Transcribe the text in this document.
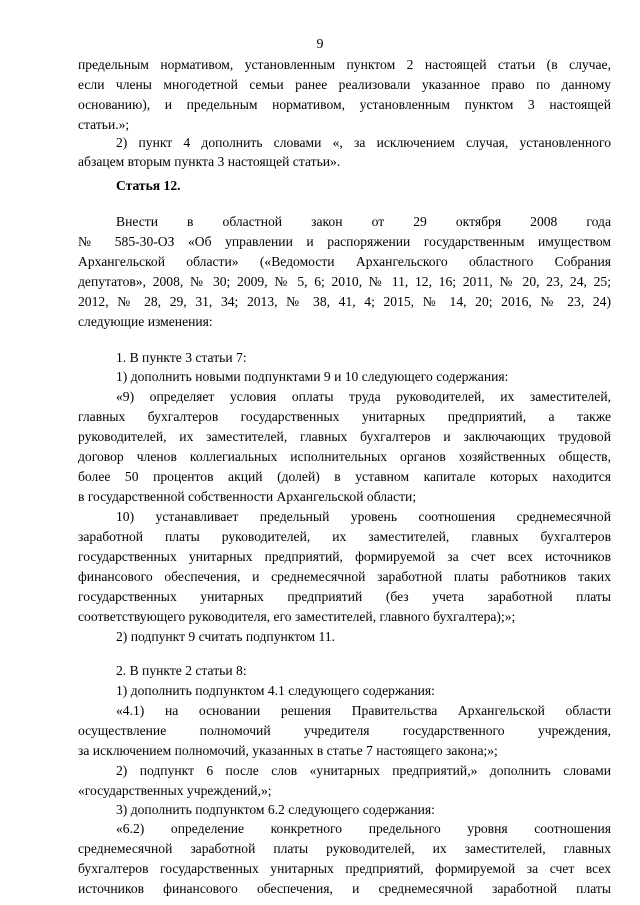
9
предельным нормативом, установленным пунктом 2 настоящей статьи (в случае,
если члены многодетной семьи ранее реализовали указанное право по данному
основанию), и предельным нормативом, установленным пунктом 3 настоящей
статьи.»;
2) пункт 4 дополнить словами «, за исключением случая, установленного
абзацем вторым пункта 3 настоящей статьи».
Статья 12.
Внести в областной закон от 29 октября 2008 года
№ 585-30-ОЗ «Об управлении и распоряжении государственным имуществом
Архангельской области» («Ведомости Архангельского областного Собрания
депутатов», 2008, № 30; 2009, № 5, 6; 2010, № 11, 12, 16; 2011, № 20, 23, 24, 25;
2012, № 28, 29, 31, 34; 2013, № 38, 41, 4; 2015, № 14, 20; 2016, № 23, 24)
следующие изменения:
1. В пункте 3 статьи 7:
1) дополнить новыми подпунктами 9 и 10 следующего содержания:
«9) определяет условия оплаты труда руководителей, их заместителей,
главных бухгалтеров государственных унитарных предприятий, а также
руководителей, их заместителей, главных бухгалтеров и заключающих трудовой
договор членов коллегиальных исполнительных органов хозяйственных обществ,
более 50 процентов акций (долей) в уставном капитале которых находится
в государственной собственности Архангельской области;
10) устанавливает предельный уровень соотношения среднемесячной
заработной платы руководителей, их заместителей, главных бухгалтеров
государственных унитарных предприятий, формируемой за счет всех источников
финансового обеспечения, и среднемесячной заработной платы работников таких
государственных унитарных предприятий (без учета заработной платы
соответствующего руководителя, его заместителей, главного бухгалтера);»;
2) подпункт 9 считать подпунктом 11.
2. В пункте 2 статьи 8:
1) дополнить подпунктом 4.1 следующего содержания:
«4.1) на основании решения Правительства Архангельской области
осуществление полномочий учредителя государственного учреждения,
за исключением полномочий, указанных в статье 7 настоящего закона;»;
2) подпункт 6 после слов «унитарных предприятий,» дополнить словами
«государственных учреждений,»;
3) дополнить подпунктом 6.2 следующего содержания:
«6.2) определение конкретного предельного уровня соотношения
среднемесячной заработной платы руководителей, их заместителей, главных
бухгалтеров государственных унитарных предприятий, формируемой за счет всех
источников финансового обеспечения, и среднемесячной заработной платы
